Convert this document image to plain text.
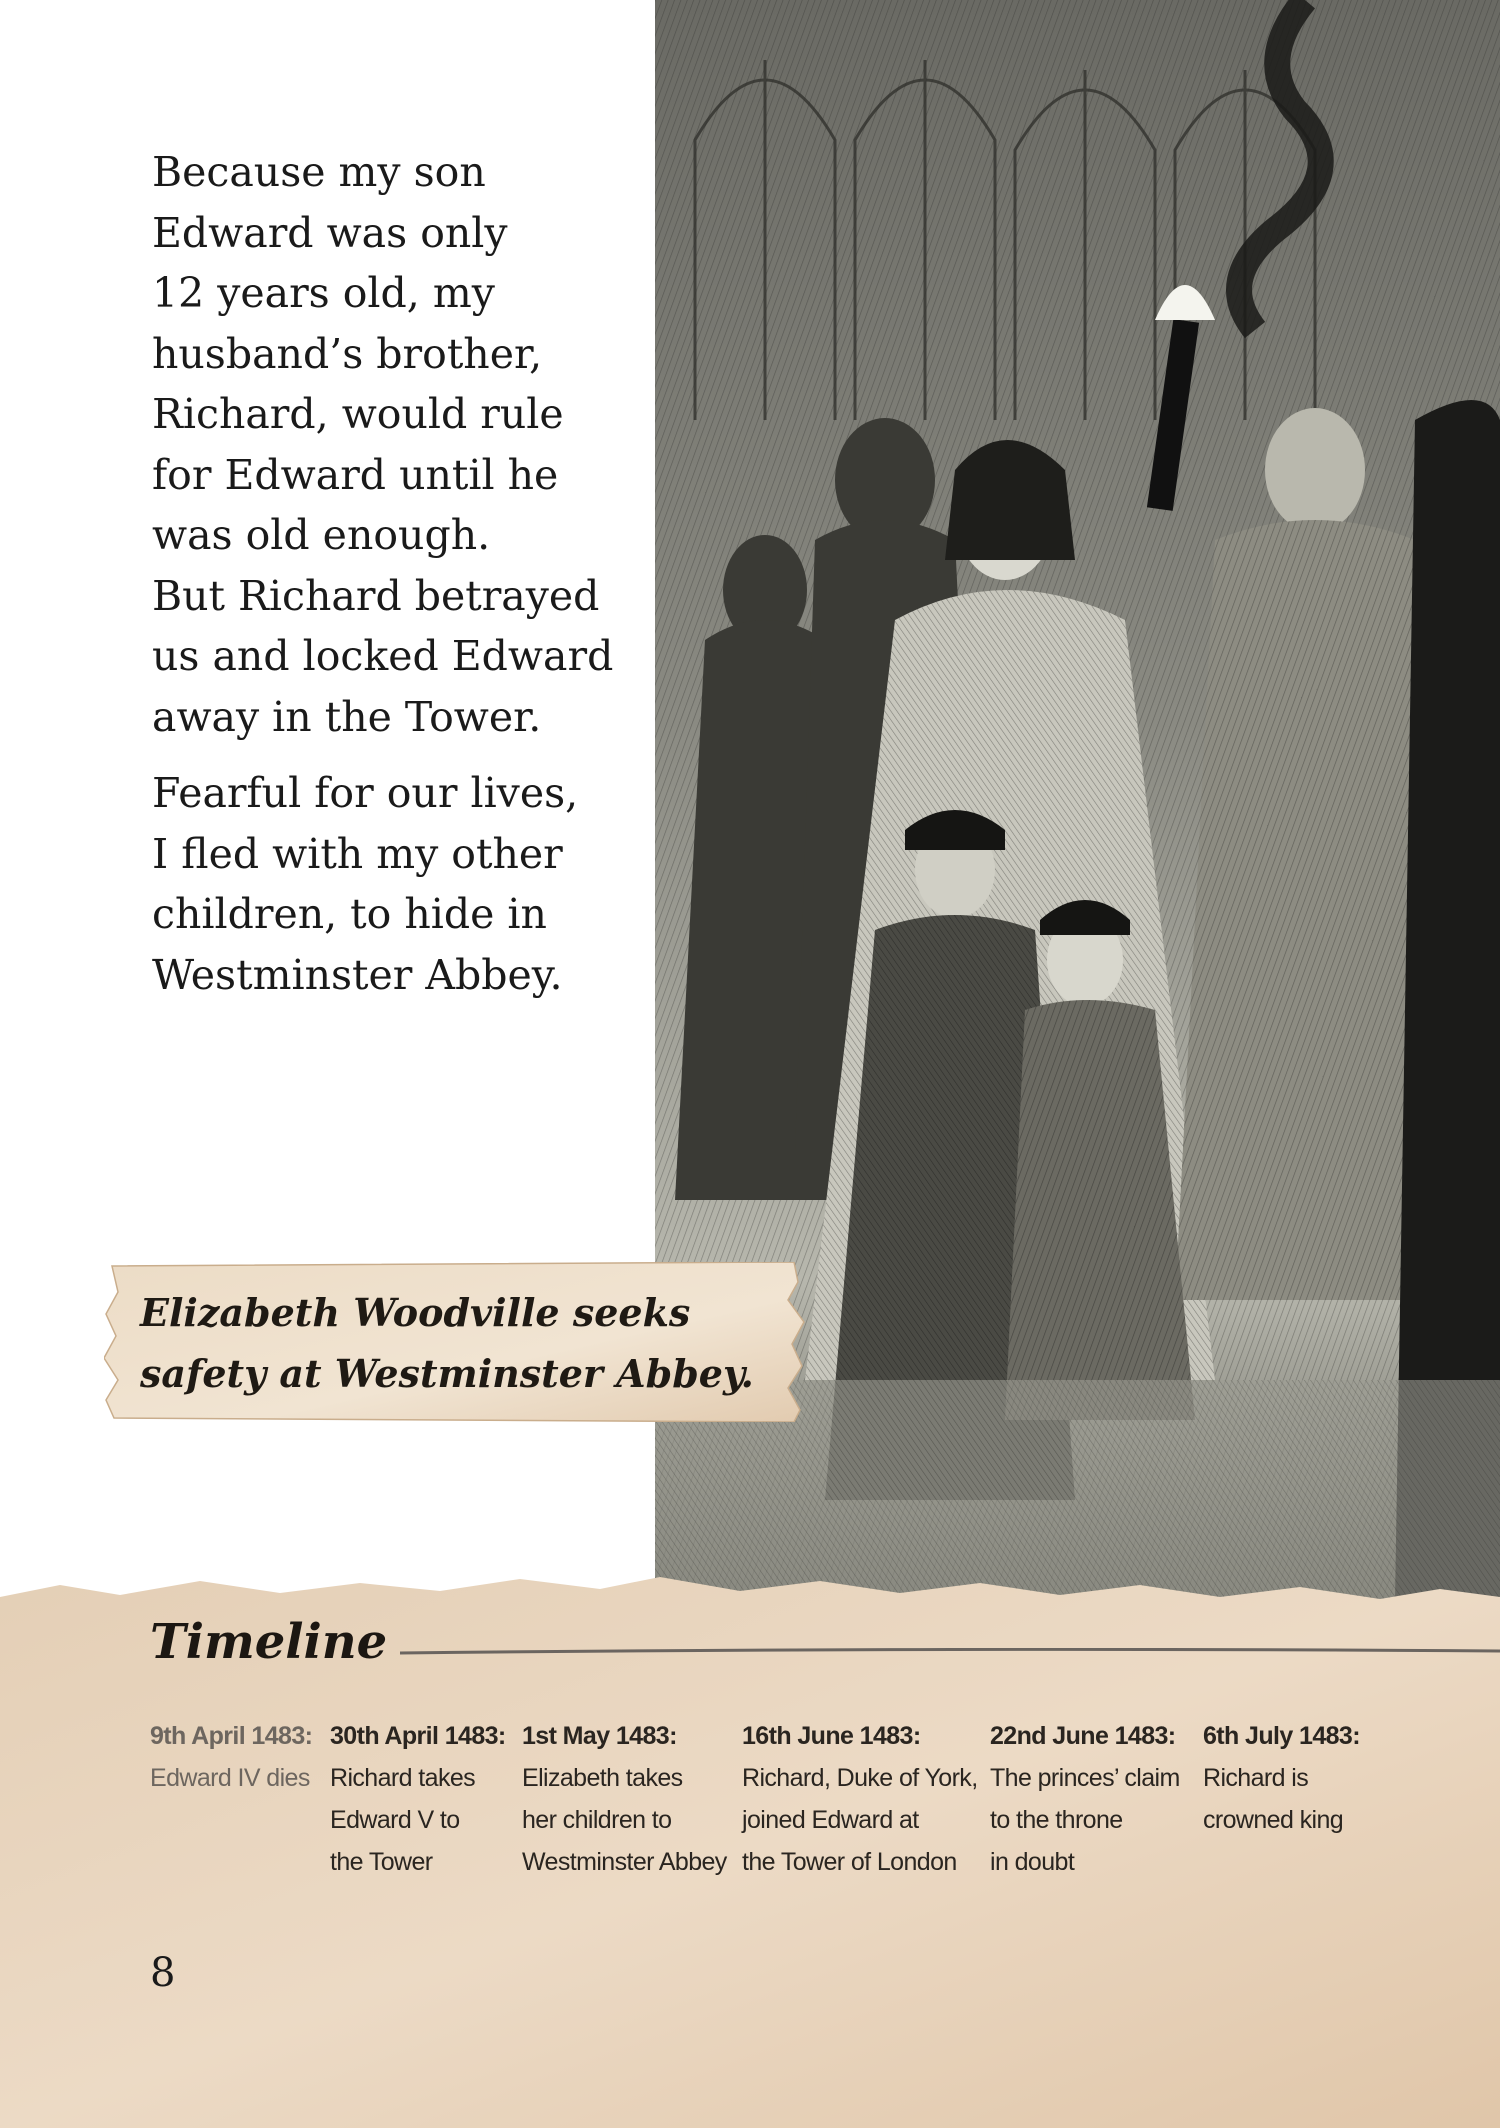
Because my son
Edward was only
12 years old, my
husband’s brother,
Richard, would rule
for Edward until he
was old enough.
But Richard betrayed
us and locked Edward
away in the Tower.

Fearful for our lives,
I fled with my other
children, to hide in
Westminster Abbey.

Elizabeth Woodville seeks
safety at Westminster Abbey.
Timeline
9th April 1483:
Edward IV dies
30th April 1483:
Richard takes
Edward V to
the Tower
1st May 1483:
Elizabeth takes
her children to
Westminster Abbey
16th June 1483:
Richard, Duke of York,
joined Edward at
the Tower of London
22nd June 1483:
The princes’ claim
to the throne
in doubt
6th July 1483:
Richard is
crowned king
8
